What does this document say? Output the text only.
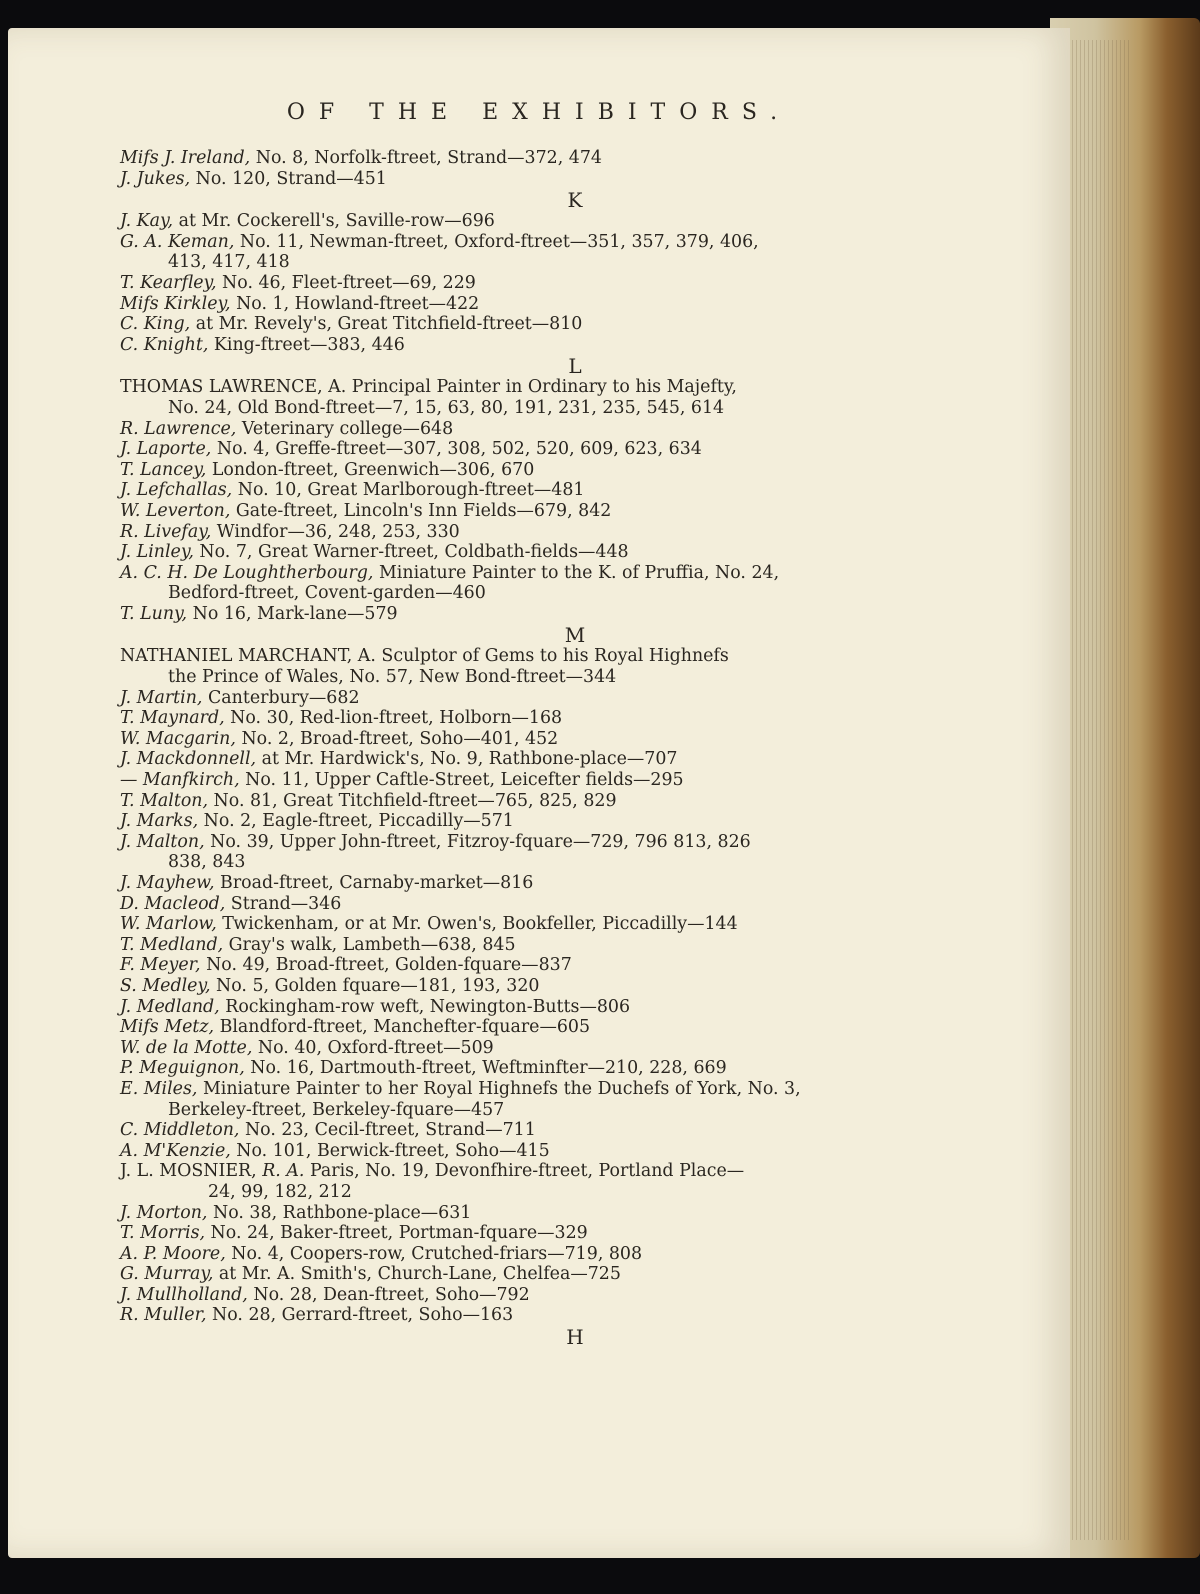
OF THE EXHIBITORS.
Mifs J. Ireland, No. 8, Norfolk-ftreet, Strand—372, 474
J. Jukes, No. 120, Strand—451
K
J. Kay, at Mr. Cockerell's, Saville-row—696
G. A. Keman, No. 11, Newman-ftreet, Oxford-ftreet—351, 357, 379, 406,
413, 417, 418
T. Kearfley, No. 46, Fleet-ftreet—69, 229
Mifs Kirkley, No. 1, Howland-ftreet—422
C. King, at Mr. Revely's, Great Titchfield-ftreet—810
C. Knight, King-ftreet—383, 446
L
THOMAS LAWRENCE, A. Principal Painter in Ordinary to his Majefty,
No. 24, Old Bond-ftreet—7, 15, 63, 80, 191, 231, 235, 545, 614
R. Lawrence, Veterinary college—648
J. Laporte, No. 4, Greffe-ftreet—307, 308, 502, 520, 609, 623, 634
T. Lancey, London-ftreet, Greenwich—306, 670
J. Lefchallas, No. 10, Great Marlborough-ftreet—481
W. Leverton, Gate-ftreet, Lincoln's Inn Fields—679, 842
R. Livefay, Windfor—36, 248, 253, 330
J. Linley, No. 7, Great Warner-ftreet, Coldbath-fields—448
A. C. H. De Loughtherbourg, Miniature Painter to the K. of Pruffia, No. 24,
Bedford-ftreet, Covent-garden—460
T. Luny, No 16, Mark-lane—579
M
NATHANIEL MARCHANT, A. Sculptor of Gems to his Royal Highnefs
the Prince of Wales, No. 57, New Bond-ftreet—344
J. Martin, Canterbury—682
T. Maynard, No. 30, Red-lion-ftreet, Holborn—168
W. Macgarin, No. 2, Broad-ftreet, Soho—401, 452
J. Mackdonnell, at Mr. Hardwick's, No. 9, Rathbone-place—707
— Manfkirch, No. 11, Upper Caftle-Street, Leicefter fields—295
T. Malton, No. 81, Great Titchfield-ftreet—765, 825, 829
J. Marks, No. 2, Eagle-ftreet, Piccadilly—571
J. Malton, No. 39, Upper John-ftreet, Fitzroy-fquare—729, 796 813, 826
838, 843
J. Mayhew, Broad-ftreet, Carnaby-market—816
D. Macleod, Strand—346
W. Marlow, Twickenham, or at Mr. Owen's, Bookfeller, Piccadilly—144
T. Medland, Gray's walk, Lambeth—638, 845
F. Meyer, No. 49, Broad-ftreet, Golden-fquare—837
S. Medley, No. 5, Golden fquare—181, 193, 320
J. Medland, Rockingham-row weft, Newington-Butts—806
Mifs Metz, Blandford-ftreet, Manchefter-fquare—605
W. de la Motte, No. 40, Oxford-ftreet—509
P. Meguignon, No. 16, Dartmouth-ftreet, Weftminfter—210, 228, 669
E. Miles, Miniature Painter to her Royal Highnefs the Duchefs of York, No. 3,
Berkeley-ftreet, Berkeley-fquare—457
C. Middleton, No. 23, Cecil-ftreet, Strand—711
A. M'Kenzie, No. 101, Berwick-ftreet, Soho—415
J. L. MOSNIER, R. A. Paris, No. 19, Devonfhire-ftreet, Portland Place—
24, 99, 182, 212
J. Morton, No. 38, Rathbone-place—631
T. Morris, No. 24, Baker-ftreet, Portman-fquare—329
A. P. Moore, No. 4, Coopers-row, Crutched-friars—719, 808
G. Murray, at Mr. A. Smith's, Church-Lane, Chelfea—725
J. Mullholland, No. 28, Dean-ftreet, Soho—792
R. Muller, No. 28, Gerrard-ftreet, Soho—163
H
